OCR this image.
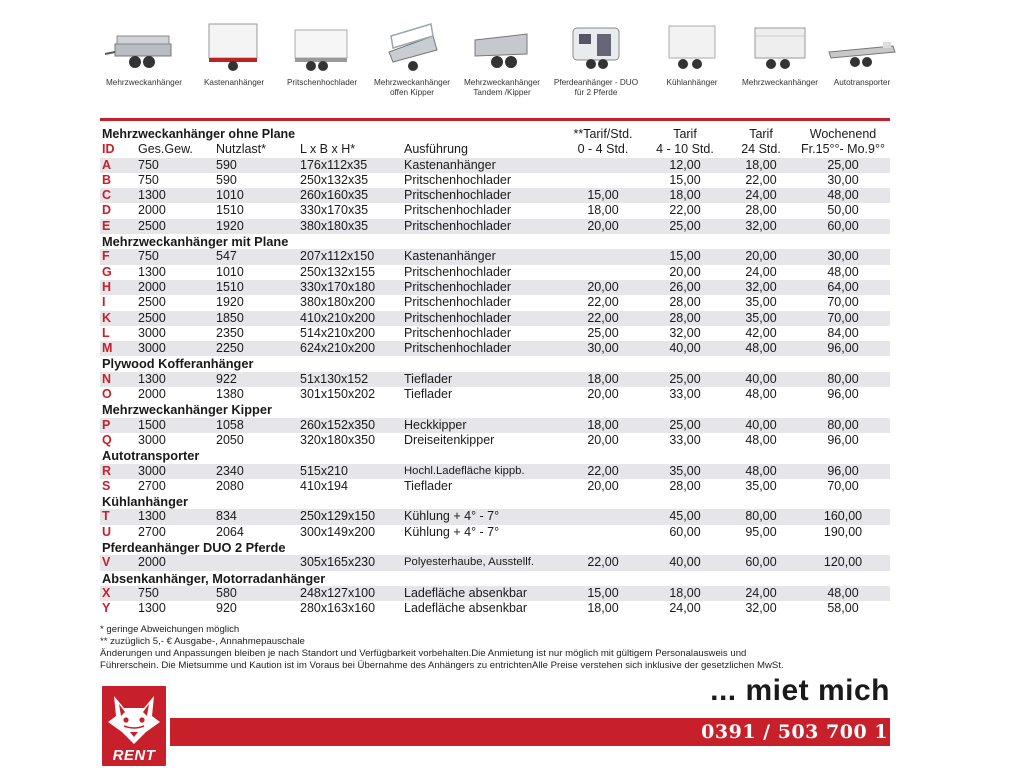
Mehrzweckanhänger	Kastenanhänger	Pritschenhochlader	Mehrzweckanhänger
offen Kipper
Mehrzweckanhänger
Tandem /Kipper
Pferdeanhänger - DUO
für 2 Pferde
Kühlanhänger	Mehrzweckanhänger	Autotransporter
Mehrzweckanhänger ohne Plane					**Tarif/Std.	Tarif	Tarif	Wochenend
ID	Ges.Gew.	Nutzlast*	L x B x H*	Ausführung	0 - 4 Std.	4 - 10 Std.	24 Std.	Fr.15°°- Mo.9°°
A	750	590	176x112x35	Kastenanhänger		12,00	18,00	25,00
B	750	590	250x132x35	Pritschenhochlader		15,00	22,00	30,00
C	1300	1010	260x160x35	Pritschenhochlader	15,00	18,00	24,00	48,00
D	2000	1510	330x170x35	Pritschenhochlader	18,00	22,00	28,00	50,00
E	2500	1920	380x180x35	Pritschenhochlader	20,00	25,00	32,00	60,00
Mehrzweckanhänger mit Plane								
F	750	547	207x112x150	Kastenanhänger		15,00	20,00	30,00
G	1300	1010	250x132x155	Pritschenhochlader		20,00	24,00	48,00
H	2000	1510	330x170x180	Pritschenhochlader	20,00	26,00	32,00	64,00
I	2500	1920	380x180x200	Pritschenhochlader	22,00	28,00	35,00	70,00
K	2500	1850	410x210x200	Pritschenhochlader	22,00	28,00	35,00	70,00
L	3000	2350	514x210x200	Pritschenhochlader	25,00	32,00	42,00	84,00
M	3000	2250	624x210x200	Pritschenhochlader	30,00	40,00	48,00	96,00
Plywood Kofferanhänger								
N	1300	922	51x130x152	Tieflader	18,00	25,00	40,00	80,00
O	2000	1380	301x150x202	Tieflader	20,00	33,00	48,00	96,00
Mehrzweckanhänger Kipper								
P	1500	1058	260x152x350	Heckkipper	18,00	25,00	40,00	80,00
Q	3000	2050	320x180x350	Dreiseitenkipper	20,00	33,00	48,00	96,00
Autotransporter								
R	3000	2340	515x210	Hochl.Ladefläche kippb.	22,00	35,00	48,00	96,00
S	2700	2080	410x194	Tieflader	20,00	28,00	35,00	70,00
Kühlanhänger								
T	1300	834	250x129x150	Kühlung + 4° - 7°		45,00	80,00	160,00
U	2700	2064	300x149x200	Kühlung + 4° - 7°		60,00	95,00	190,00
Pferdeanhänger DUO 2 Pferde								
V	2000		305x165x230	Polyesterhaube, Ausstellf.	22,00	40,00	60,00	120,00
Absenkanhänger, Motorradanhänger								
X	750	580	248x127x100	Ladefläche absenkbar	15,00	18,00	24,00	48,00
Y	1300	920	280x163x160	Ladefläche absenkbar	18,00	24,00	32,00	58,00

* geringe Abweichungen möglich

** zuzüglich 5,- € Ausgabe-, Annahmepauschale

Änderungen und Anpassungen bleiben je nach Standort und Verfügbarkeit vorbehalten.Die Anmietung ist nur möglich mit gültigem Personalausweis und

Führerschein. Die Mietsumme und Kaution ist im Voraus bei Übernahme des Anhängers zu entrichtenAlle Preise verstehen sich inklusive der gesetzlichen MwSt.

RENT
... miet mich
0391 / 503 700 1
